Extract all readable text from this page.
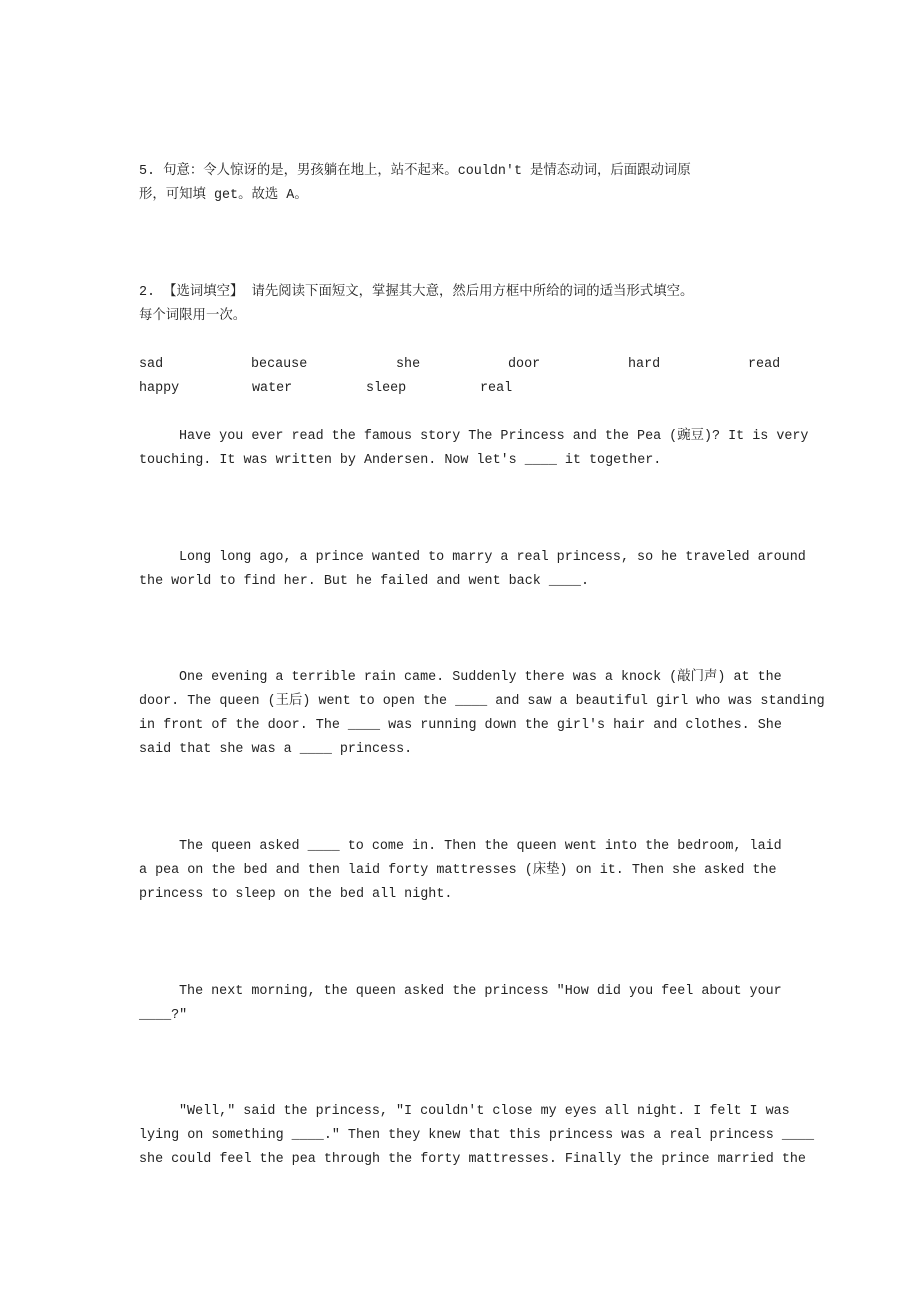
5. 句意：令人惊讶的是，男孩躺在地上，站不起来。couldn't 是情态动词，后面跟动词原
形，可知填 get。故选 A。
2. 【选词填空】 请先阅读下面短文，掌握其大意，然后用方框中所给的词的适当形式填空。
每个词限用一次。
sad	because	she	door	hard	read
happy	water	sleep	real
Have you ever read the famous story The Princess and the Pea (豌豆)? It is very
touching. It was written by Andersen. Now let's ____ it together.
Long long ago, a prince wanted to marry a real princess, so he traveled around
the world to find her. But he failed and went back ____.
One evening a terrible rain came. Suddenly there was a knock (敲门声) at the
door. The queen (王后) went to open the ____ and saw a beautiful girl who was standing
in front of the door. The ____ was running down the girl's hair and clothes. She
said that she was a ____ princess.
The queen asked ____ to come in. Then the queen went into the bedroom, laid
a pea on the bed and then laid forty mattresses (床垫) on it. Then she asked the
princess to sleep on the bed all night.
The next morning, the queen asked the princess "How did you feel about your
____?"
"Well," said the princess, "I couldn't close my eyes all night. I felt I was
lying on something ____." Then they knew that this princess was a real princess ____
she could feel the pea through the forty mattresses. Finally the prince married the
